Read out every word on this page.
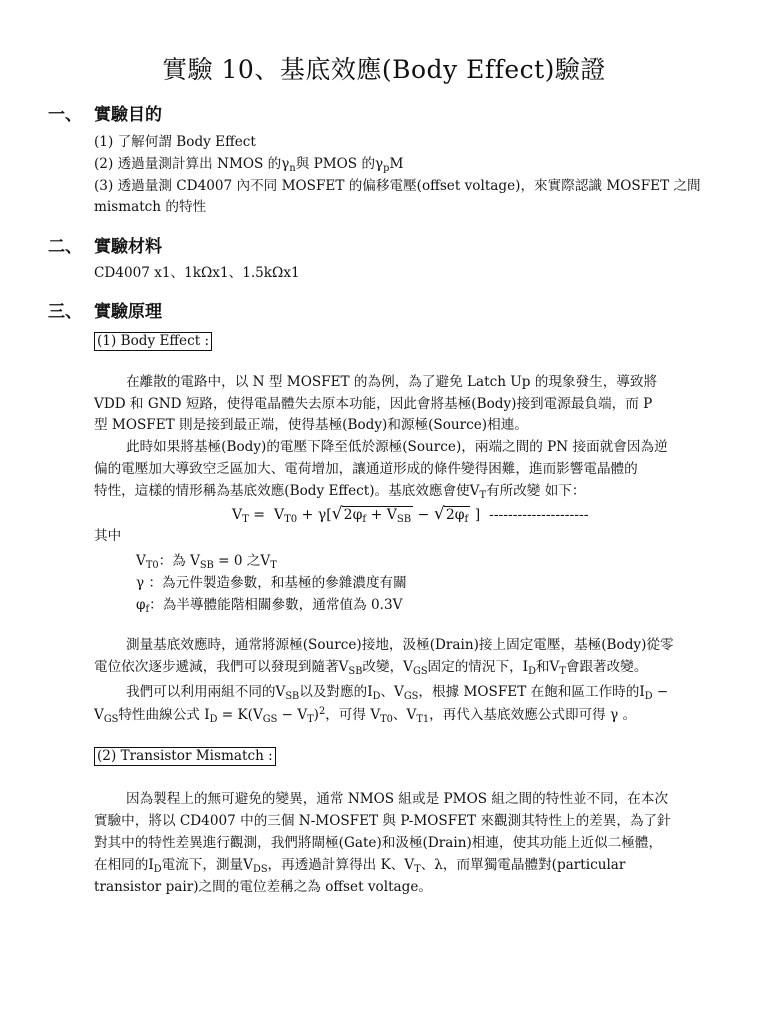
實驗 10、基底效應(Body Effect)驗證
一、 實驗目的
(1) 了解何謂 Body Effect
(2) 透過量測計算出 NMOS 的$\gamma_n$與 PMOS 的$\gamma_pM$
(3) 透過量測 CD4007 內不同 MOSFET 的偏移電壓(offset voltage)，來實際認識 MOSFET 之間
mismatch 的特性
二、 實驗材料
CD4007 x1、1kΩx1、1.5kΩx1
三、 實驗原理
(1) Body Effect :
在離散的電路中，以 N 型 MOSFET 的為例，為了避免 Latch Up 的現象發生，導致將
VDD 和 GND 短路，使得電晶體失去原本功能，因此會將基極(Body)接到電源最負端，而 P
型 MOSFET 則是接到最正端，使得基極(Body)和源極(Source)相連。
此時如果將基極(Body)的電壓下降至低於源極(Source)，兩端之間的 PN 接面就會因為逆
偏的電壓加大導致空乏區加大、電荷增加，讓通道形成的條件變得困難，進而影響電晶體的
特性，這樣的情形稱為基底效應(Body Effect)。基底效應會使$V_T$有所改變 如下：
$V_T = V_{T0} + \gamma$[ √ $2\varphi_f + V_{SB}$ − √ $2\varphi_f$ ]  ---------------------
其中
$V_{T0}$：為 $V_{SB} = 0$ 之$V_T$
γ ：為元件製造參數，和基極的參雜濃度有關
$\varphi_f$：為半導體能階相關參數，通常值為 0.3V
測量基底效應時，通常將源極(Source)接地，汲極(Drain)接上固定電壓，基極(Body)從零
電位依次逐步遞減，我們可以發現到隨著$V_{SB}$改變，$V_{GS}$固定的情況下，$I_D$和$V_T$會跟著改變。
我們可以利用兩組不同的$V_{SB}$以及對應的$I_D$、$V_{GS}$，根據 MOSFET 在飽和區工作時的$I_D$ −
$V_{GS}$特性曲線公式 $I_D = K(V_{GS} - V_T)^2$，可得 $V_{T0}$、$V_{T1}$，再代入基底效應公式即可得 γ 。
(2) Transistor Mismatch :
因為製程上的無可避免的變異，通常 NMOS 組或是 PMOS 組之間的特性並不同，在本次
實驗中，將以 CD4007 中的三個 N-MOSFET 與 P-MOSFET 來觀測其特性上的差異，為了針
對其中的特性差異進行觀測，我們將閘極(Gate)和汲極(Drain)相連，使其功能上近似二極體，
在相同的$I_D$電流下，測量$V_{DS}$，再透過計算得出 K、$V_T$、λ，而單獨電晶體對(particular
transistor pair)之間的電位差稱之為 offset voltage。
